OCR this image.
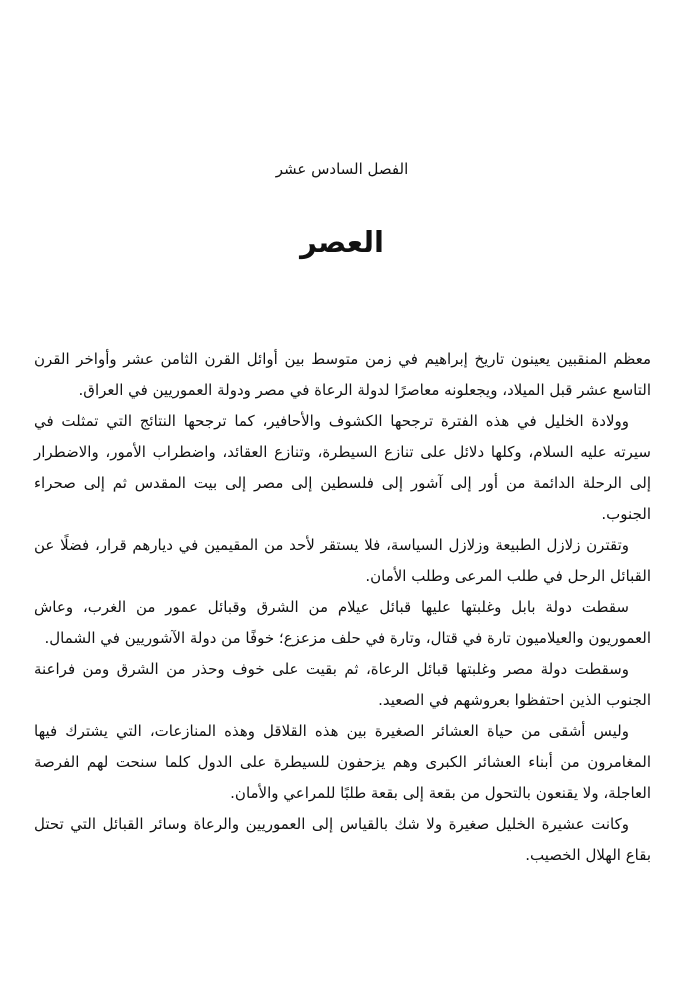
الفصل السادس عشر
العصر

معظم المنقبين يعينون تاريخ إبراهيم في زمن متوسط بين أوائل القرن الثامن عشر وأواخر القرن التاسع عشر قبل الميلاد، ويجعلونه معاصرًا لدولة الرعاة في مصر ودولة العموريين في العراق.

وولادة الخليل في هذه الفترة ترجحها الكشوف والأحافير، كما ترجحها النتائج التي تمثلت في سيرته عليه السلام، وكلها دلائل على تنازع السيطرة، وتنازع العقائد، واضطراب الأمور، والاضطرار إلى الرحلة الدائمة من أور إلى آشور إلى فلسطين إلى مصر إلى بيت المقدس ثم إلى صحراء الجنوب.

وتقترن زلازل الطبيعة وزلازل السياسة، فلا يستقر لأحد من المقيمين في ديارهم قرار، فضلًا عن القبائل الرحل في طلب المرعى وطلب الأمان.

سقطت دولة بابل وغلبتها عليها قبائل عيلام من الشرق وقبائل عمور من الغرب، وعاش العموريون والعيلاميون تارة في قتال، وتارة في حلف مزعزع؛ خوفًا من دولة الآشوريين في الشمال.

وسقطت دولة مصر وغلبتها قبائل الرعاة، ثم بقيت على خوف وحذر من الشرق ومن فراعنة الجنوب الذين احتفظوا بعروشهم في الصعيد.

وليس أشقى من حياة العشائر الصغيرة بين هذه القلاقل وهذه المنازعات، التي يشترك فيها المغامرون من أبناء العشائر الكبرى وهم يزحفون للسيطرة على الدول كلما سنحت لهم الفرصة العاجلة، ولا يقنعون بالتحول من بقعة إلى بقعة طلبًا للمراعي والأمان.

وكانت عشيرة الخليل صغيرة ولا شك بالقياس إلى العموريين والرعاة وسائر القبائل التي تحتل بقاع الهلال الخصيب.
